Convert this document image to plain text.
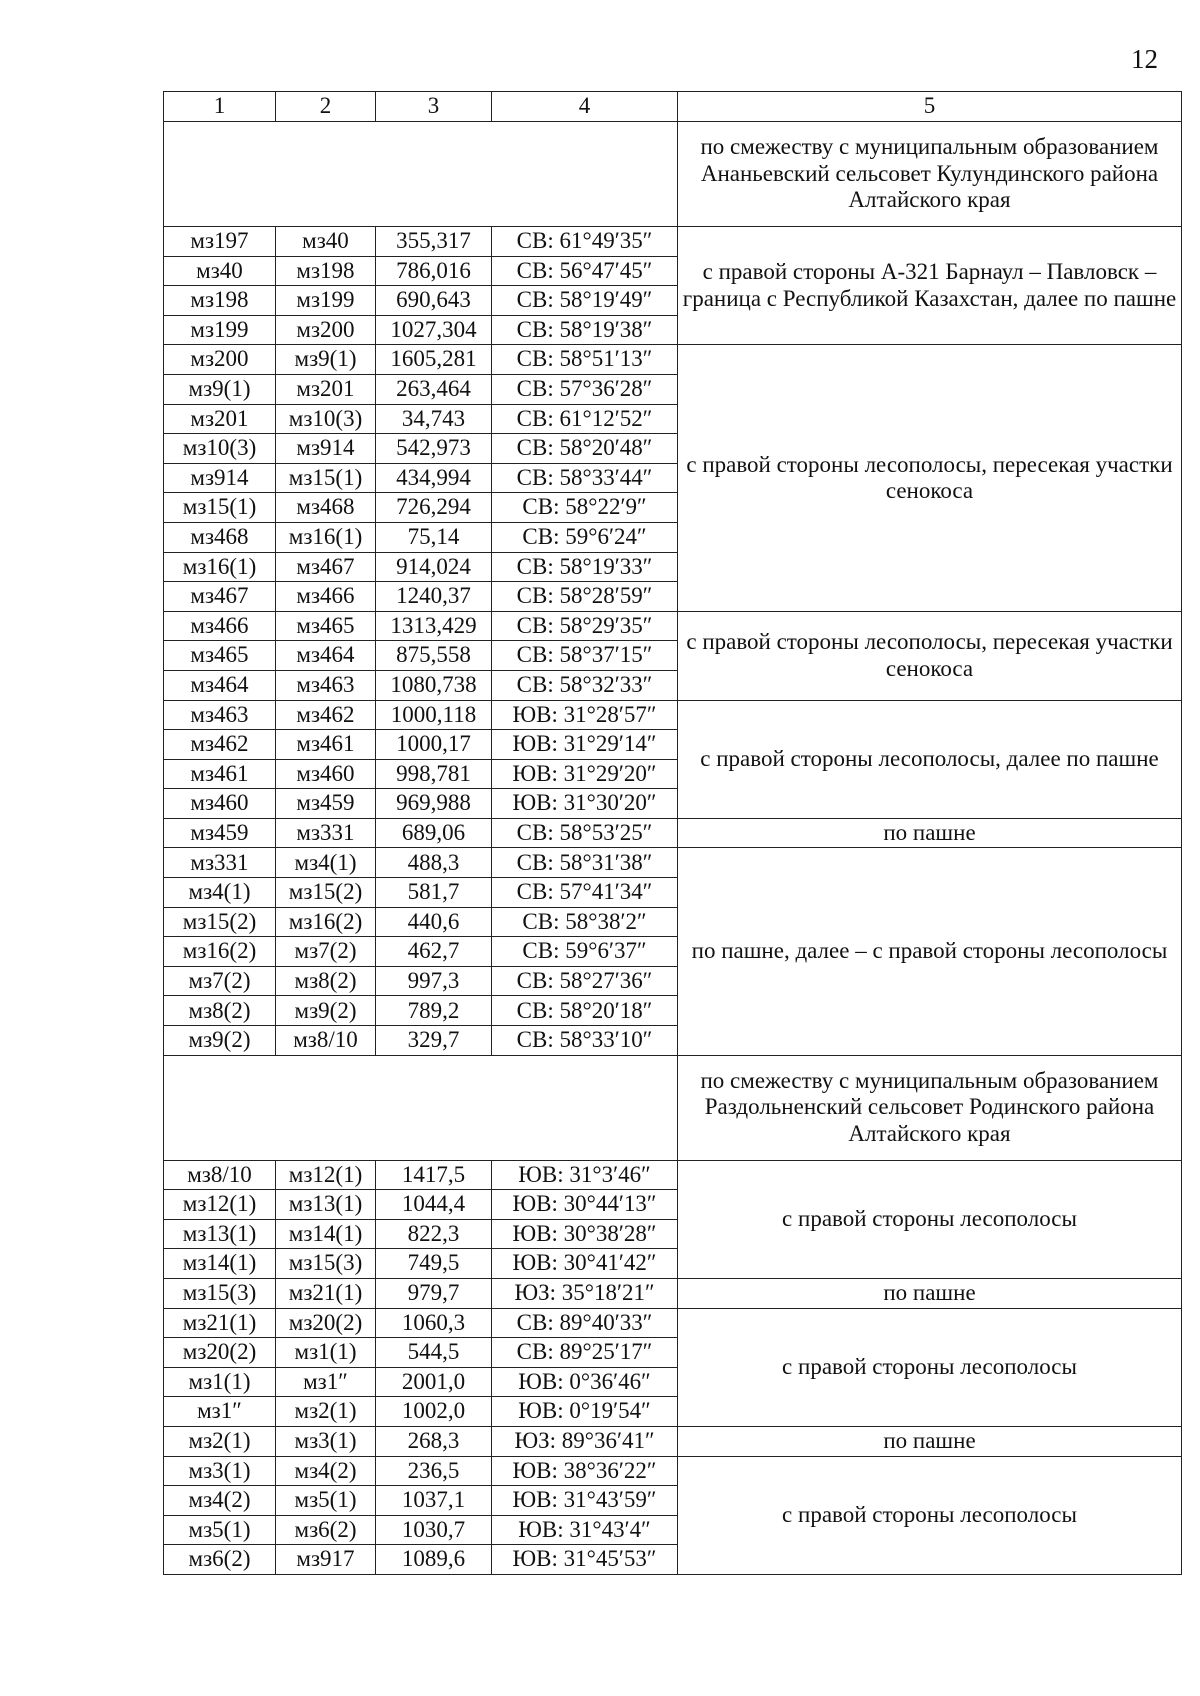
12
1	2	3	4	5
				по смежеству с муниципальным образованием Ананьевский сельсовет Кулундинского района Алтайского края
мз197	мз40	355,317	СВ: 61°49′35″	с правой стороны А-321 Барнаул – Павловск – граница с Республикой Казахстан, далее по пашне
мз40	мз198	786,016	СВ: 56°47′45″	
мз198	мз199	690,643	СВ: 58°19′49″	
мз199	мз200	1027,304	СВ: 58°19′38″	
мз200	мз9(1)	1605,281	СВ: 58°51′13″	с правой стороны лесополосы, пересекая участки сенокоса
мз9(1)	мз201	263,464	СВ: 57°36′28″	
мз201	мз10(3)	34,743	СВ: 61°12′52″	
мз10(3)	мз914	542,973	СВ: 58°20′48″	
мз914	мз15(1)	434,994	СВ: 58°33′44″	
мз15(1)	мз468	726,294	СВ: 58°22′9″	
мз468	мз16(1)	75,14	СВ: 59°6′24″	
мз16(1)	мз467	914,024	СВ: 58°19′33″	
мз467	мз466	1240,37	СВ: 58°28′59″	
мз466	мз465	1313,429	СВ: 58°29′35″	с правой стороны лесополосы, пересекая участки сенокоса
мз465	мз464	875,558	СВ: 58°37′15″	
мз464	мз463	1080,738	СВ: 58°32′33″	
мз463	мз462	1000,118	ЮВ: 31°28′57″	с правой стороны лесополосы, далее по пашне
мз462	мз461	1000,17	ЮВ: 31°29′14″	
мз461	мз460	998,781	ЮВ: 31°29′20″	
мз460	мз459	969,988	ЮВ: 31°30′20″	
мз459	мз331	689,06	СВ: 58°53′25″	по пашне
мз331	мз4(1)	488,3	СВ: 58°31′38″	по пашне, далее – с правой стороны лесополосы
мз4(1)	мз15(2)	581,7	СВ: 57°41′34″	
мз15(2)	мз16(2)	440,6	СВ: 58°38′2″	
мз16(2)	мз7(2)	462,7	СВ: 59°6′37″	
мз7(2)	мз8(2)	997,3	СВ: 58°27′36″	
мз8(2)	мз9(2)	789,2	СВ: 58°20′18″	
мз9(2)	мз8/10	329,7	СВ: 58°33′10″	
				по смежеству с муниципальным образованием Раздольненский сельсовет Родинского района Алтайского края
мз8/10	мз12(1)	1417,5	ЮВ: 31°3′46″	с правой стороны лесополосы
мз12(1)	мз13(1)	1044,4	ЮВ: 30°44′13″	
мз13(1)	мз14(1)	822,3	ЮВ: 30°38′28″	
мз14(1)	мз15(3)	749,5	ЮВ: 30°41′42″	
мз15(3)	мз21(1)	979,7	ЮЗ: 35°18′21″	по пашне
мз21(1)	мз20(2)	1060,3	СВ: 89°40′33″	с правой стороны лесополосы
мз20(2)	мз1(1)	544,5	СВ: 89°25′17″	
мз1(1)	мз1″	2001,0	ЮВ: 0°36′46″	
мз1″	мз2(1)	1002,0	ЮВ: 0°19′54″	
мз2(1)	мз3(1)	268,3	ЮЗ: 89°36′41″	по пашне
мз3(1)	мз4(2)	236,5	ЮВ: 38°36′22″	с правой стороны лесополосы
мз4(2)	мз5(1)	1037,1	ЮВ: 31°43′59″	
мз5(1)	мз6(2)	1030,7	ЮВ: 31°43′4″	
мз6(2)	мз917	1089,6	ЮВ: 31°45′53″	
